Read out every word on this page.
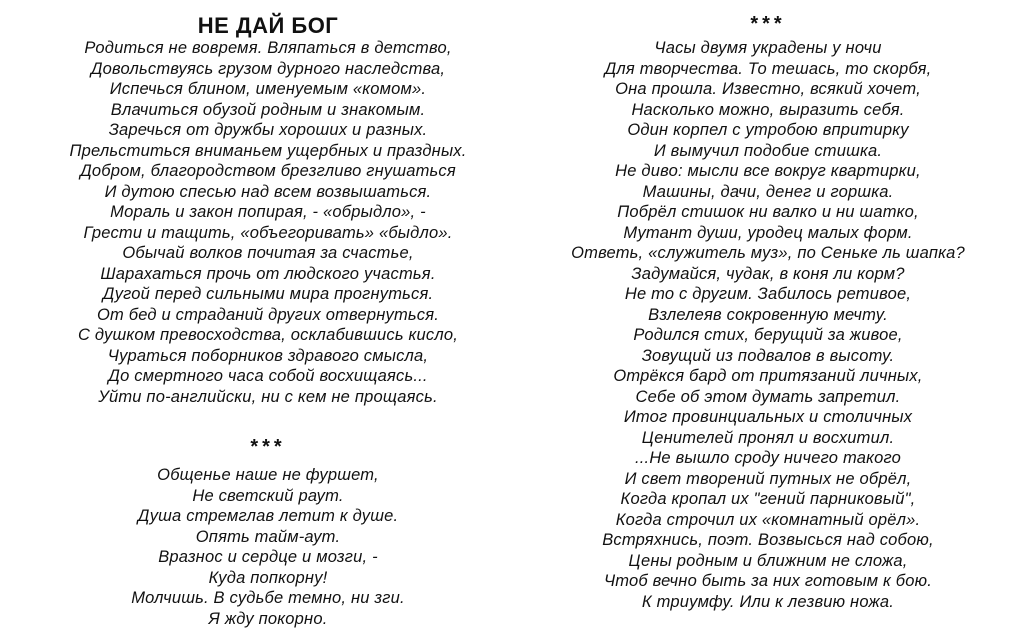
НЕ ДАЙ БОГ
Родиться не вовремя. Вляпаться в детство,
Довольствуясь грузом дурного наследства,
Испечься блином, именуемым «комом».
Влачиться обузой родным и знакомым.
Заречься от дружбы хороших и разных.
Прельститься вниманьем ущербных и праздных.
Добром, благородством брезгливо гнушаться
И дутою спесью над всем возвышаться.
Мораль и закон попирая, - «обрыдло», -
Грести и тащить, «объегоривать» «быдло».
Обычай волков почитая за счастье,
Шарахаться прочь от людского участья.
Дугой перед сильными мира прогнуться.
От бед и страданий других отвернуться.
С душком превосходства, осклабившись кисло,
Чураться поборников здравого смысла,
До смертного часа собой восхищаясь...
Уйти по-английски, ни с кем не прощаясь.
***
Общенье наше не фуршет,
Не светский раут.
Душа стремглав летит к душе.
Опять тайм-аут.
Вразнос и сердце и мозги, -
Куда попкорну!
Молчишь. В судьбе темно, ни зги.
Я жду покорно.
***
Часы двумя украдены у ночи
Для творчества. То тешась, то скорбя,
Она прошла. Известно, всякий хочет,
Насколько можно, выразить себя.
Один корпел с утробою впритирку
И вымучил подобие стишка.
Не диво: мысли все вокруг квартирки,
Машины, дачи, денег и горшка.
Побрёл стишок ни валко и ни шатко,
Мутант души, уродец малых форм.
Ответь, «служитель муз», по Сеньке ль шапка?
Задумайся, чудак, в коня ли корм?
Не то с другим. Забилось ретивое,
Взлелеяв сокровенную мечту.
Родился стих, берущий за живое,
Зовущий из подвалов в высоту.
Отрёкся бард от притязаний личных,
Себе об этом думать запретил.
Итог провинциальных и столичных
Ценителей пронял и восхитил.
...Не вышло сроду ничего такого
И свет творений путных не обрёл,
Когда кропал их "гений парниковый",
Когда строчил их «комнатный орёл».
Встряхнись, поэт. Возвысься над собою,
Цены родным и ближним не сложа,
Чтоб вечно быть за них готовым к бою.
К триумфу. Или к лезвию ножа.
